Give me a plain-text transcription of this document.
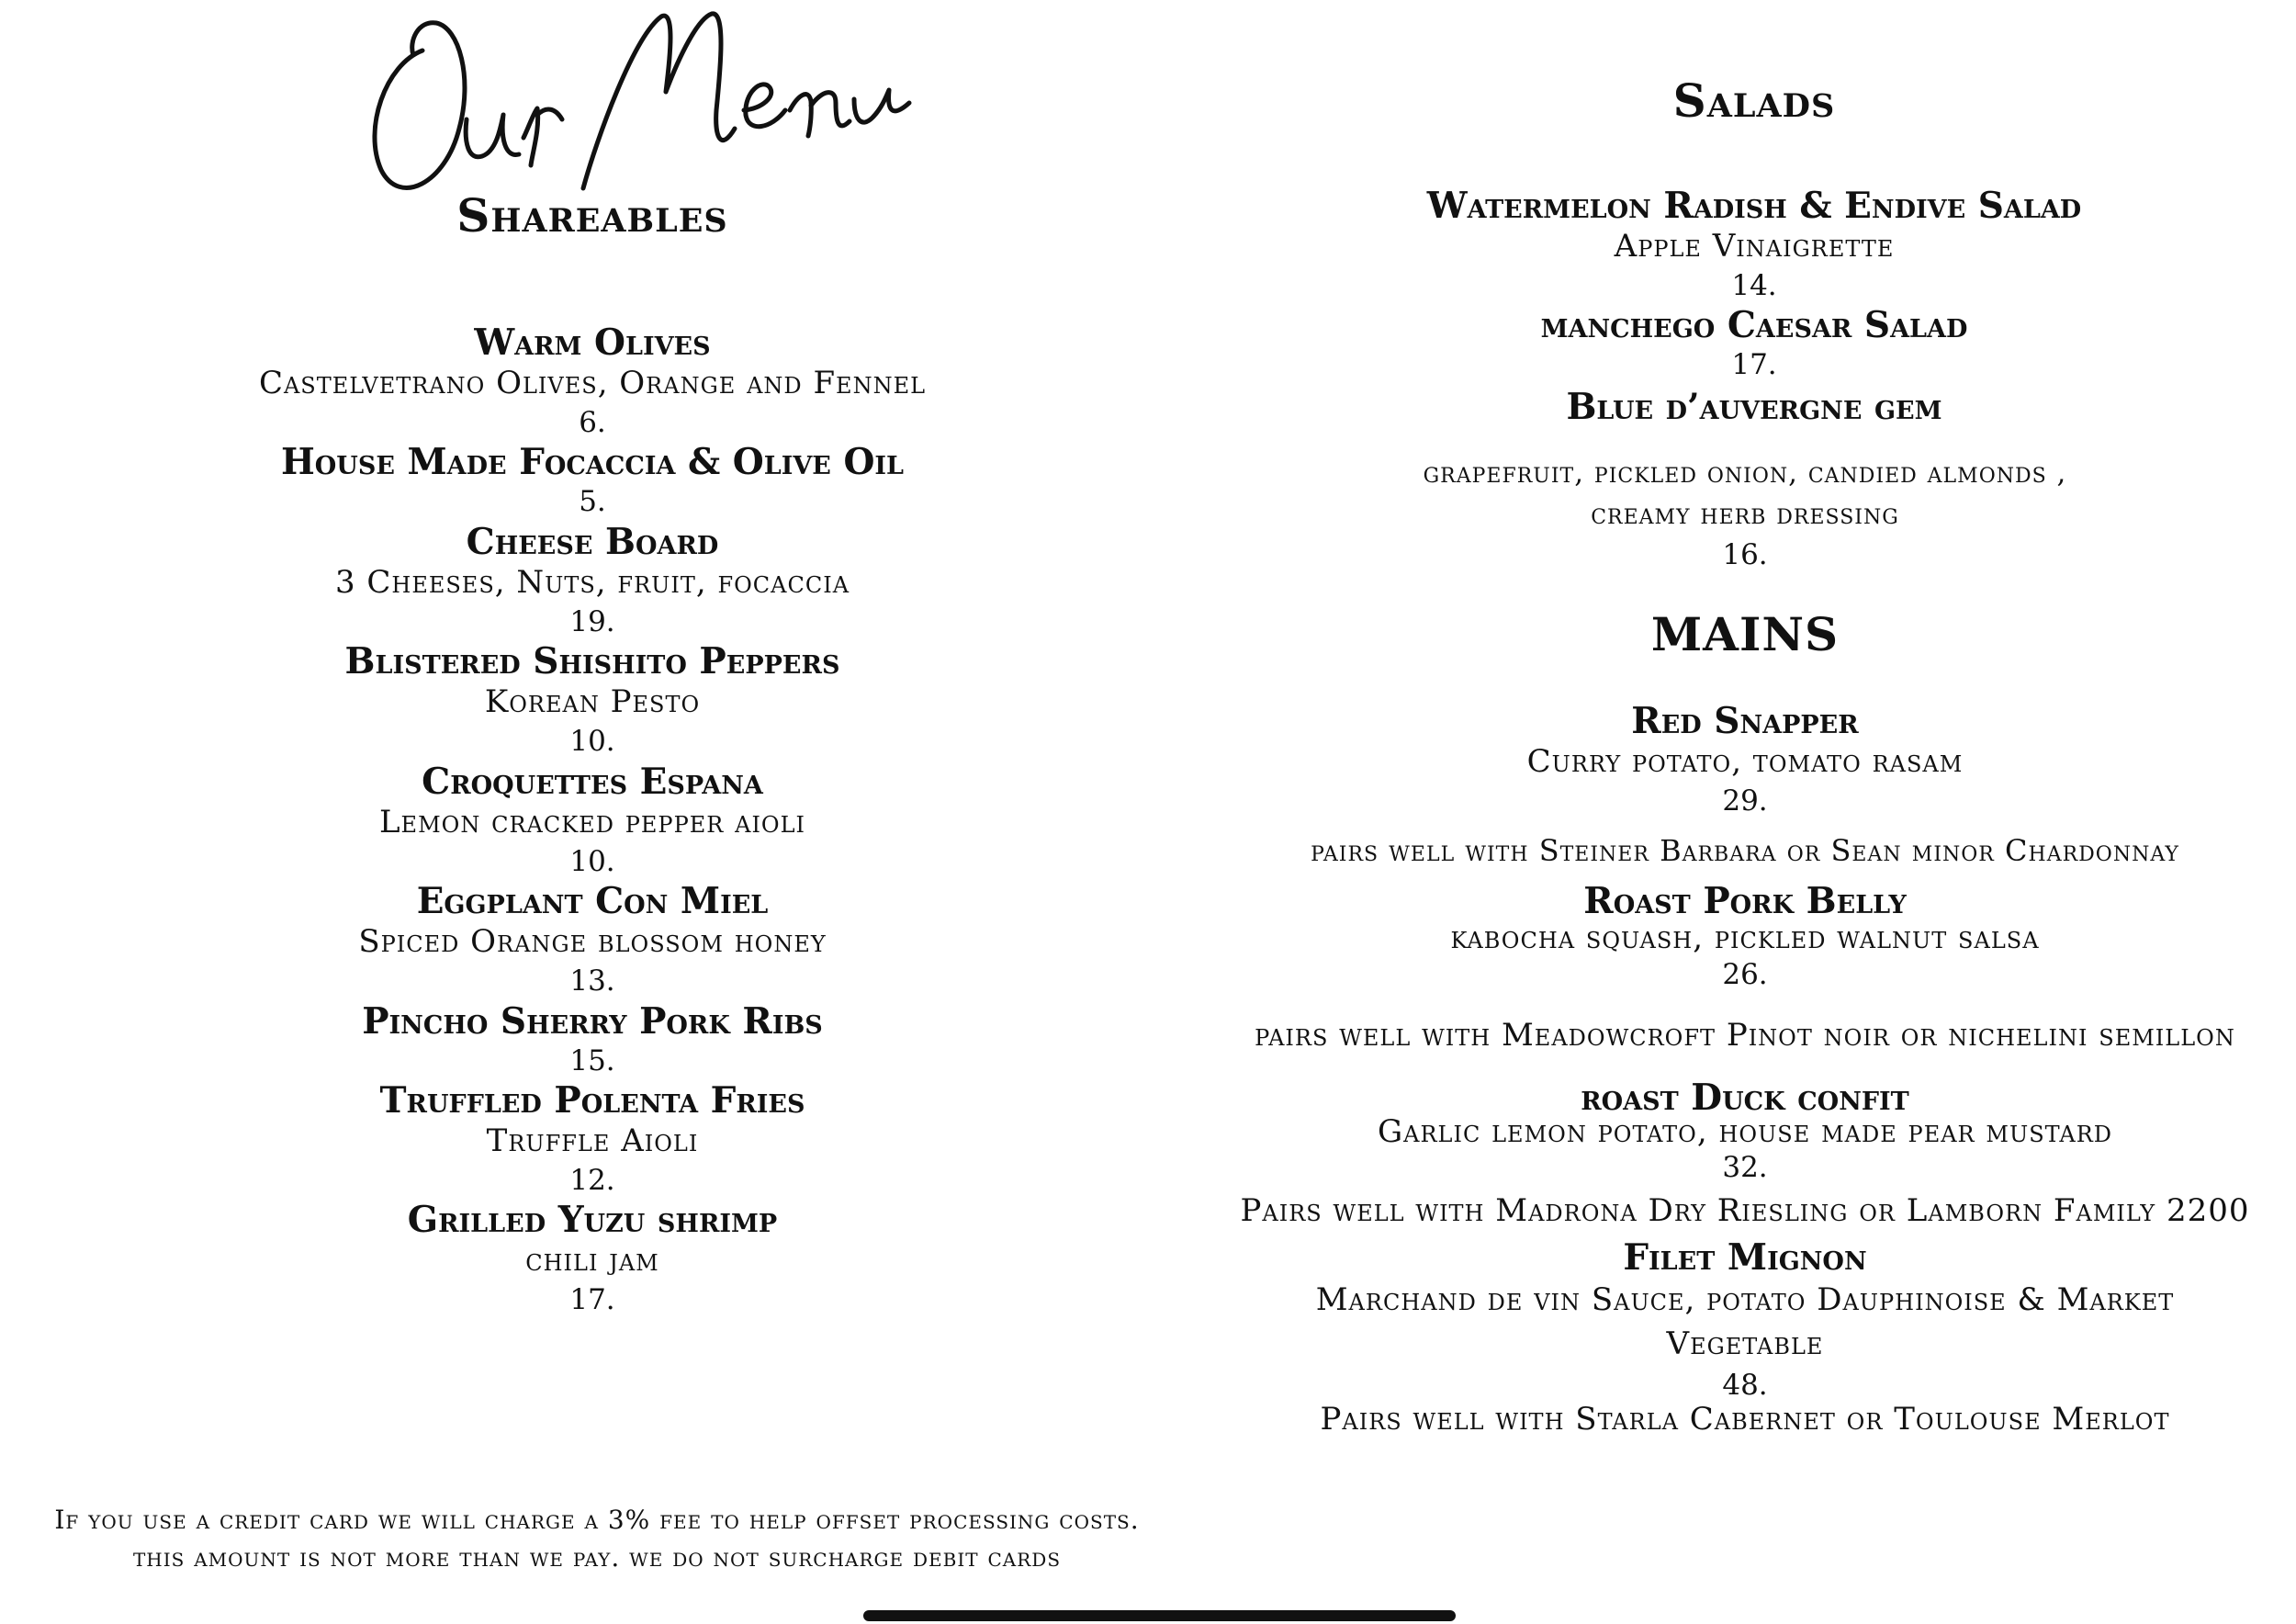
Shareables
Warm Olives
Castelvetrano Olives, Orange and Fennel
6.
House Made Focaccia & Olive Oil
5.
Cheese Board
3 Cheeses, Nuts, fruit, focaccia
19.
Blistered Shishito Peppers
Korean Pesto
10.
Croquettes Espana
Lemon cracked pepper aioli
10.
Eggplant Con Miel
Spiced Orange blossom honey
13.
Pincho Sherry Pork Ribs
15.
Truffled Polenta Fries
Truffle Aioli
12.
Grilled Yuzu shrimp
chili jam
17.
If you use a credit card we will charge a 3% fee to help offset processing costs. this amount is not more than we pay. we do not surcharge debit cards
Salads
Watermelon Radish & Endive Salad
Apple Vinaigrette
14.
manchego Caesar Salad
17.
Blue d’auvergne gem
grapefruit, pickled onion, candied almonds , creamy herb dressing
16.
MAINS
Red Snapper
Curry potato, tomato rasam
29.
pairs well with Steiner Barbara or Sean minor Chardonnay
Roast Pork Belly
kabocha squash, pickled walnut salsa
26.
pairs well with Meadowcroft Pinot noir or nichelini semillon
roast Duck confit
Garlic lemon potato, house made pear mustard
32.
Pairs well with Madrona Dry Riesling or Lamborn Family 2200
Filet Mignon
Marchand de vin Sauce, potato Dauphinoise & Market Vegetable
48.
Pairs well with Starla Cabernet or Toulouse Merlot
